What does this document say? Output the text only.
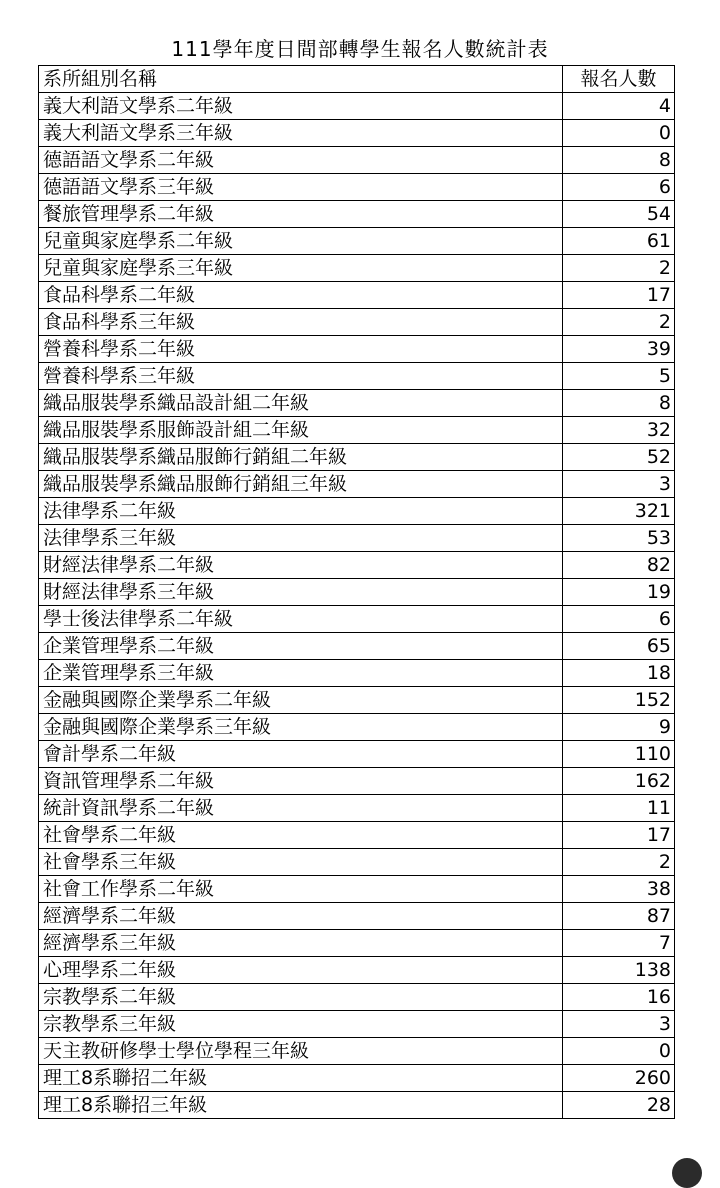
111學年度日間部轉學生報名人數統計表
系所組別名稱	報名人數
義大利語文學系二年級	4
義大利語文學系三年級	0
德語語文學系二年級	8
德語語文學系三年級	6
餐旅管理學系二年級	54
兒童與家庭學系二年級	61
兒童與家庭學系三年級	2
食品科學系二年級	17
食品科學系三年級	2
營養科學系二年級	39
營養科學系三年級	5
織品服裝學系織品設計組二年級	8
織品服裝學系服飾設計組二年級	32
織品服裝學系織品服飾行銷組二年級	52
織品服裝學系織品服飾行銷組三年級	3
法律學系二年級	321
法律學系三年級	53
財經法律學系二年級	82
財經法律學系三年級	19
學士後法律學系二年級	6
企業管理學系二年級	65
企業管理學系三年級	18
金融與國際企業學系二年級	152
金融與國際企業學系三年級	9
會計學系二年級	110
資訊管理學系二年級	162
統計資訊學系二年級	11
社會學系二年級	17
社會學系三年級	2
社會工作學系二年級	38
經濟學系二年級	87
經濟學系三年級	7
心理學系二年級	138
宗教學系二年級	16
宗教學系三年級	3
天主教研修學士學位學程三年級	0
理工8系聯招二年級	260
理工8系聯招三年級	28
